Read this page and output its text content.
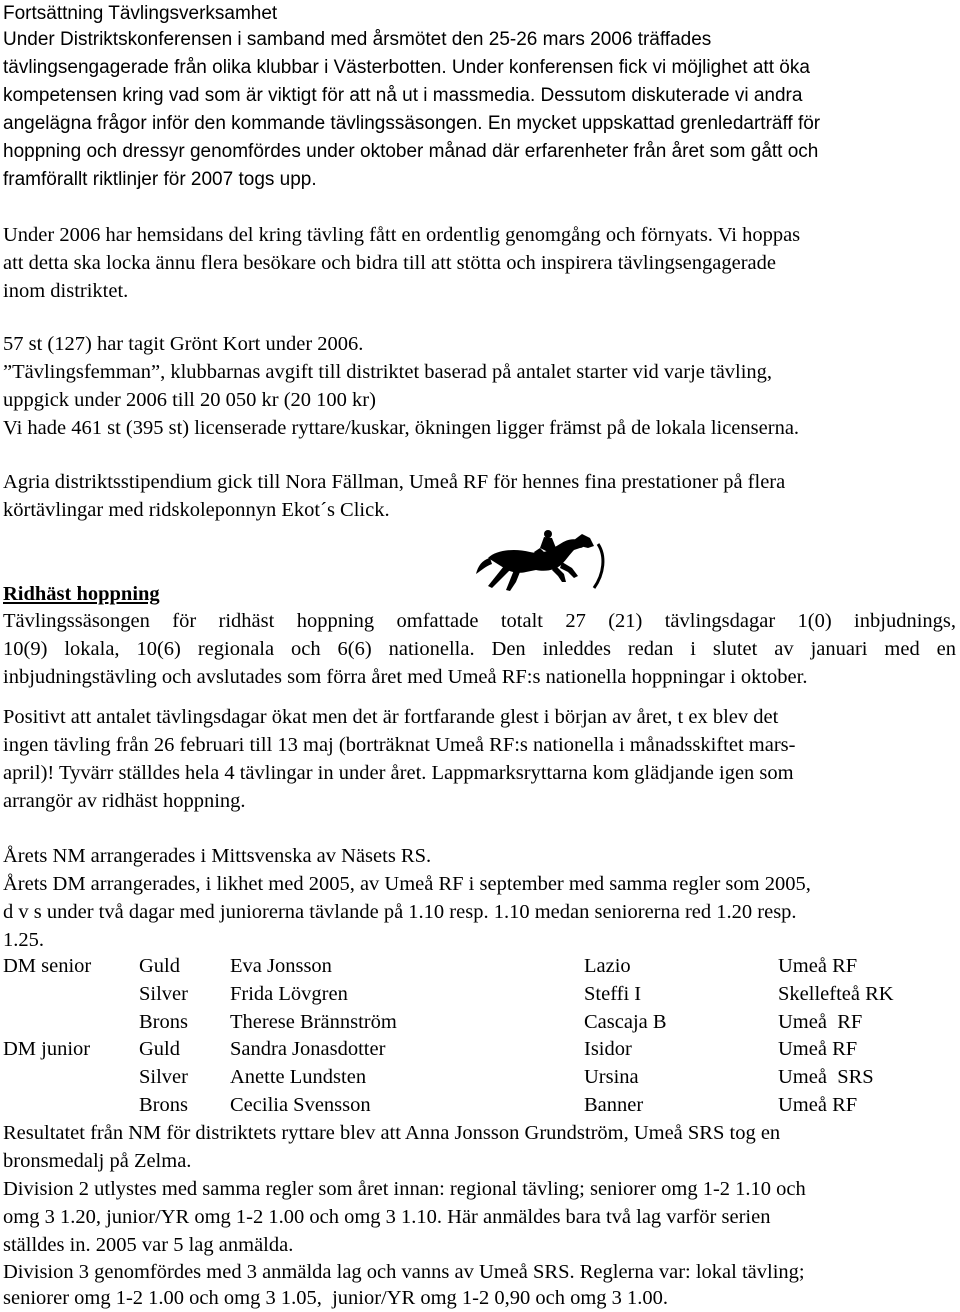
Fortsättning Tävlingsverksamhet
Under Distriktskonferensen i samband med årsmötet den 25-26 mars 2006 träffades
tävlingsengagerade från olika klubbar i Västerbotten. Under konferensen fick vi möjlighet att öka
kompetensen kring vad som är viktigt för att nå ut i massmedia. Dessutom diskuterade vi andra
angelägna frågor inför den kommande tävlingssäsongen. En mycket uppskattad grenledarträff för
hoppning och dressyr genomfördes under oktober månad där erfarenheter från året som gått och
framförallt riktlinjer för 2007 togs upp.
Under 2006 har hemsidans del kring tävling fått en ordentlig genomgång och förnyats. Vi hoppas
att detta ska locka ännu flera besökare och bidra till att stötta och inspirera tävlingsengagerade
inom distriktet.
57 st (127) har tagit Grönt Kort under 2006.
”Tävlingsfemman”, klubbarnas avgift till distriktet baserad på antalet starter vid varje tävling,
uppgick under 2006 till 20 050 kr (20 100 kr)
Vi hade 461 st (395 st) licenserade ryttare/kuskar, ökningen ligger främst på de lokala licenserna.
Agria distriktsstipendium gick till Nora Fällman, Umeå RF för hennes fina prestationer på flera
körtävlingar med ridskoleponnyn Ekot´s Click.
Ridhäst hoppning
Tävlingssäsongen för ridhäst hoppning omfattade totalt 27 (21) tävlingsdagar 1(0) inbjudnings,
10(9) lokala, 10(6) regionala och 6(6) nationella. Den inleddes redan i slutet av januari med en
inbjudningstävling och avslutades som förra året med Umeå RF:s nationella hoppningar i oktober.
Positivt att antalet tävlingsdagar ökat men det är fortfarande glest i början av året, t ex blev det
ingen tävling från 26 februari till 13 maj (borträknat Umeå RF:s nationella i månadsskiftet mars-
april)! Tyvärr ställdes hela 4 tävlingar in under året. Lappmarksryttarna kom glädjande igen som
arrangör av ridhäst hoppning.
Årets NM arrangerades i Mittsvenska av Näsets RS.
Årets DM arrangerades, i likhet med 2005, av Umeå RF i september med samma regler som 2005,
d v s under två dagar med juniorerna tävlande på 1.10 resp. 1.10 medan seniorerna red 1.20 resp.
1.25.
DM senior Guld Eva Jonsson	Lazio	Umeå RF
Silver Frida Lövgren	Steffi I	Skellefteå RK
Brons Therese Brännström	Cascaja B	Umeå  RF
DM junior Guld Sandra Jonasdotter	Isidor	Umeå RF
Silver Anette Lundsten	Ursina	Umeå  SRS
Brons Cecilia Svensson	Banner	Umeå RF
Resultatet från NM för distriktets ryttare blev att Anna Jonsson Grundström, Umeå SRS tog en
bronsmedalj på Zelma.
Division 2 utlystes med samma regler som året innan: regional tävling; seniorer omg 1-2 1.10 och
omg 3 1.20, junior/YR omg 1-2 1.00 och omg 3 1.10. Här anmäldes bara två lag varför serien
ställdes in. 2005 var 5 lag anmälda.
Division 3 genomfördes med 3 anmälda lag och vanns av Umeå SRS. Reglerna var: lokal tävling;
seniorer omg 1-2 1.00 och omg 3 1.05,  junior/YR omg 1-2 0,90 och omg 3 1.00.
